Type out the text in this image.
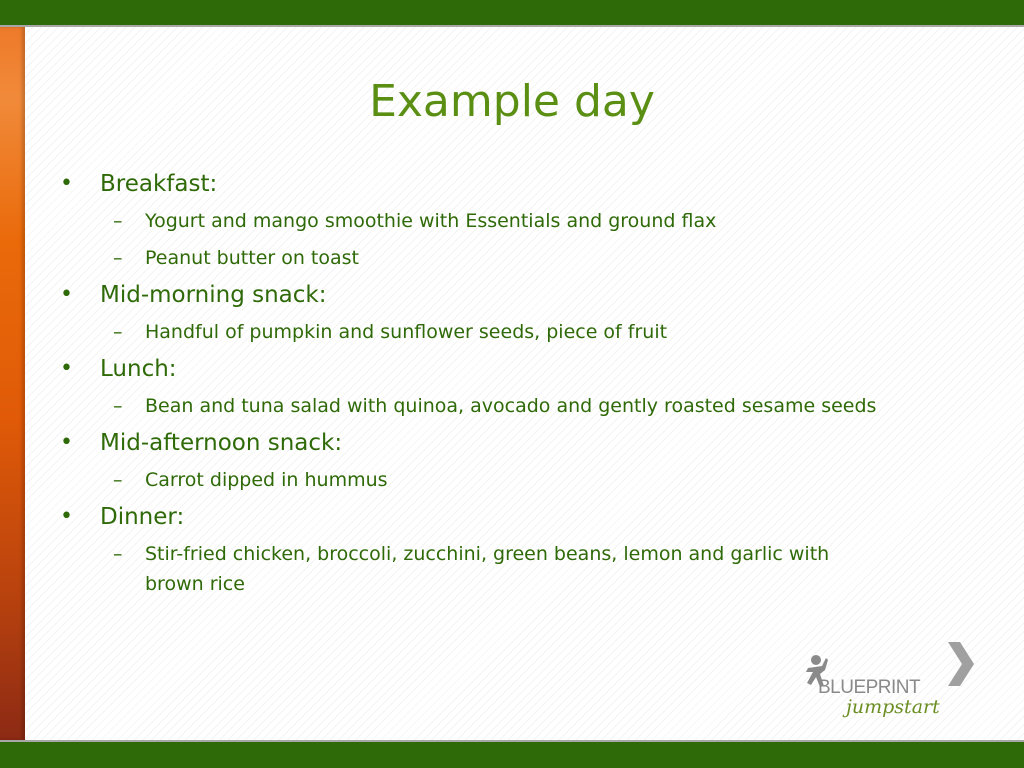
Example day
• Breakfast:
– Yogurt and mango smoothie with Essentials and ground flax
– Peanut butter on toast
• Mid-morning snack:
– Handful of pumpkin and sunflower seeds, piece of fruit
• Lunch:
– Bean and tuna salad with quinoa, avocado and gently roasted sesame seeds
• Mid-afternoon snack:
– Carrot dipped in hummus
• Dinner:
– Stir-fried chicken, broccoli, zucchini, green beans, lemon and garlic with brown rice
BLUEPRINT
jumpstart
